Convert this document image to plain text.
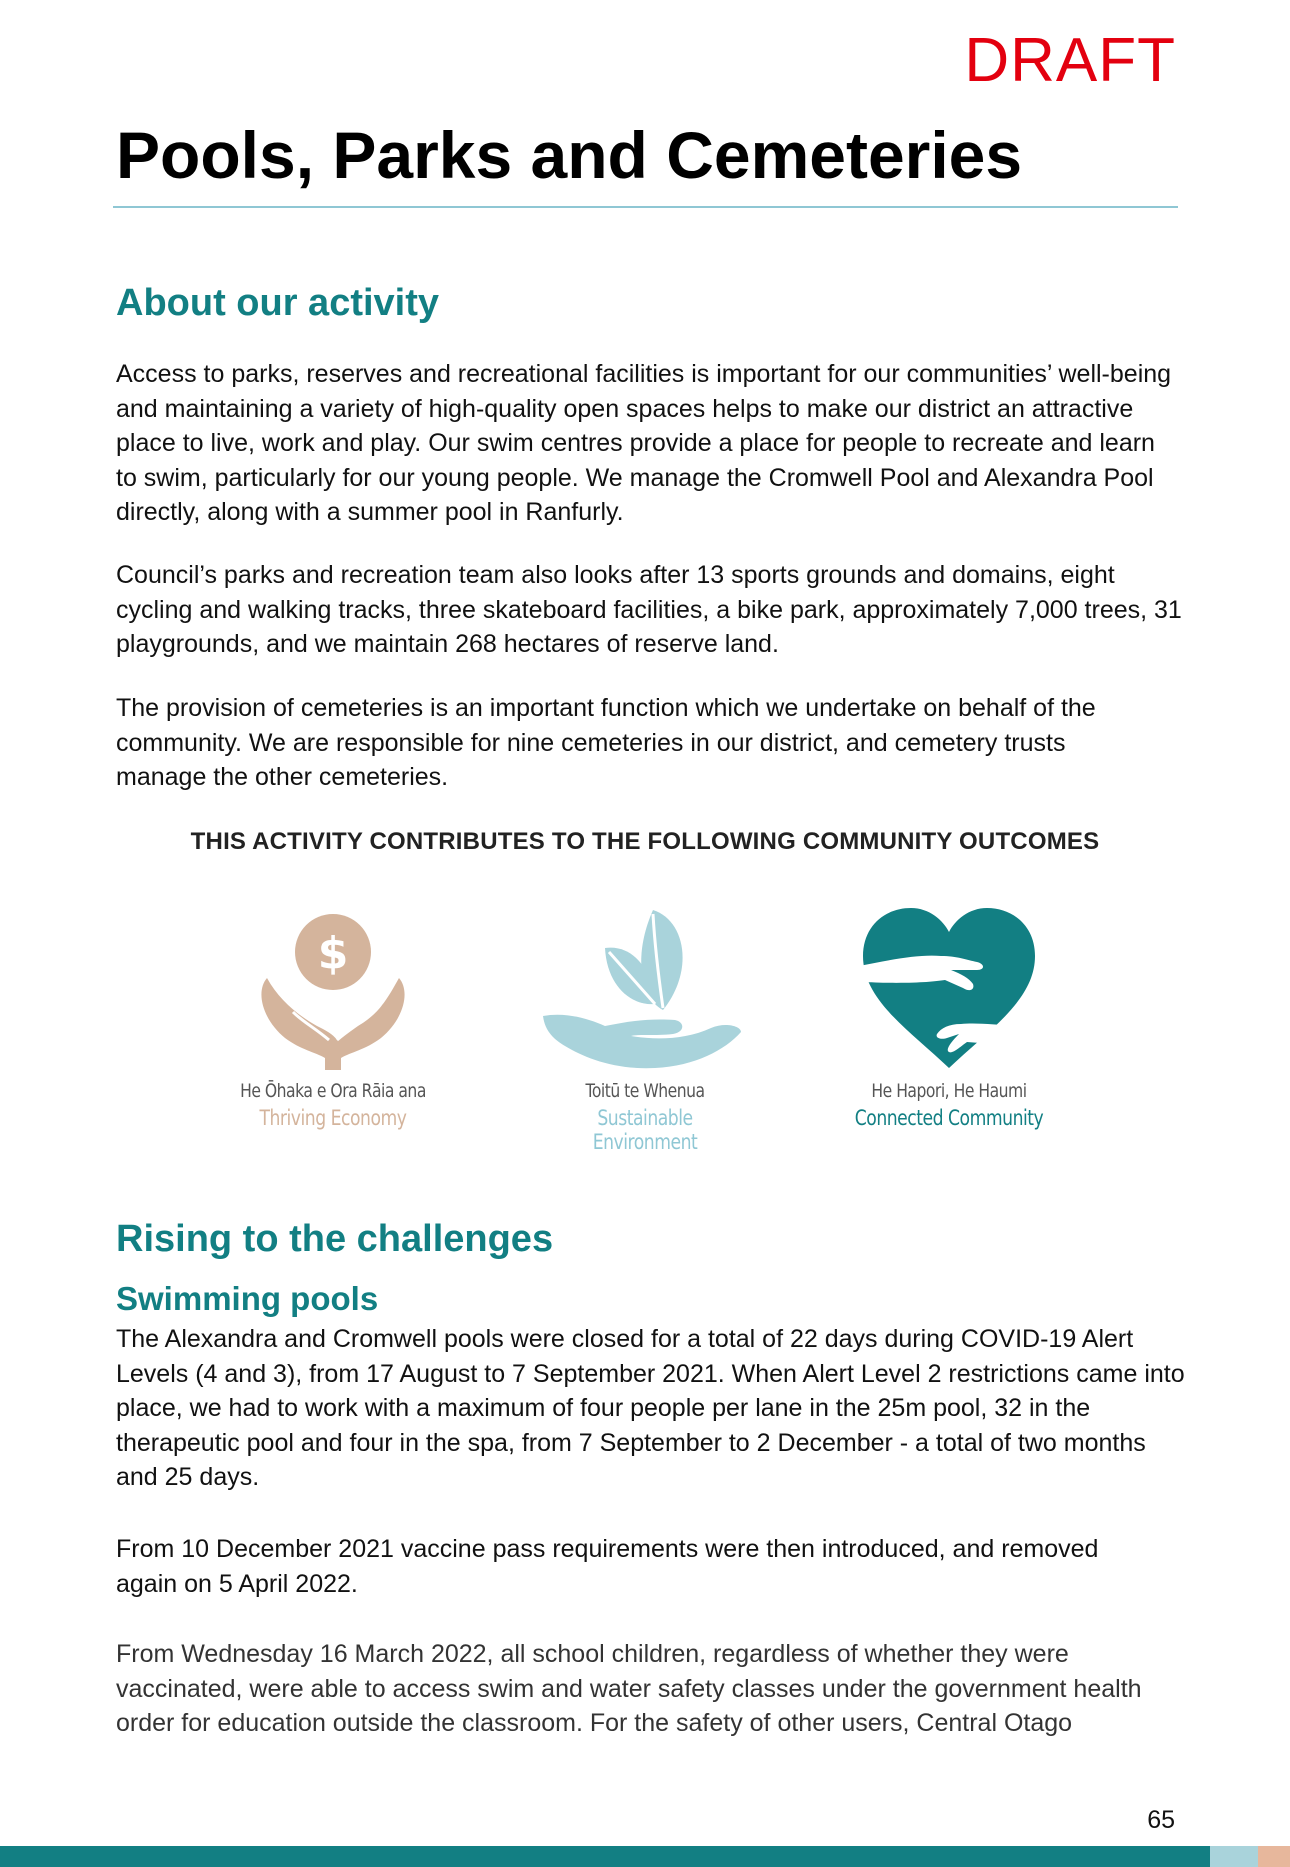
DRAFT
Pools, Parks and Cemeteries
About our activity

Access to parks, reserves and recreational facilities is important for our communities’ well-being and maintaining a variety of high-quality open spaces helps to make our district an attractive place to live, work and play. Our swim centres provide a place for people to recreate and learn to swim, particularly for our young people. We manage the Cromwell Pool and Alexandra Pool directly, along with a summer pool in Ranfurly.

Council’s parks and recreation team also looks after 13 sports grounds and domains, eight cycling and walking tracks, three skateboard facilities, a bike park, approximately 7,000 trees, 31 playgrounds, and we maintain 268 hectares of reserve land.

The provision of cemeteries is an important function which we undertake on behalf of the community. We are responsible for nine cemeteries in our district, and cemetery trusts manage the other cemeteries.

THIS ACTIVITY CONTRIBUTES TO THE FOLLOWING COMMUNITY OUTCOMES
$
He Ōhaka e Ora Rāia ana
Thriving Economy
Toitū te Whenua
Sustainable Environment
He Hapori, He Haumi
Connected Community
Rising to the challenges
Swimming pools

The Alexandra and Cromwell pools were closed for a total of 22 days during COVID-19 Alert Levels (4 and 3), from 17 August to 7 September 2021. When Alert Level 2 restrictions came into place, we had to work with a maximum of four people per lane in the 25m pool, 32 in the therapeutic pool and four in the spa, from 7 September to 2 December - a total of two months and 25 days.

From 10 December 2021 vaccine pass requirements were then introduced, and removed again on 5 April 2022.

From Wednesday 16 March 2022, all school children, regardless of whether they were vaccinated, were able to access swim and water safety classes under the government health order for education outside the classroom. For the safety of other users, Central Otago

65
